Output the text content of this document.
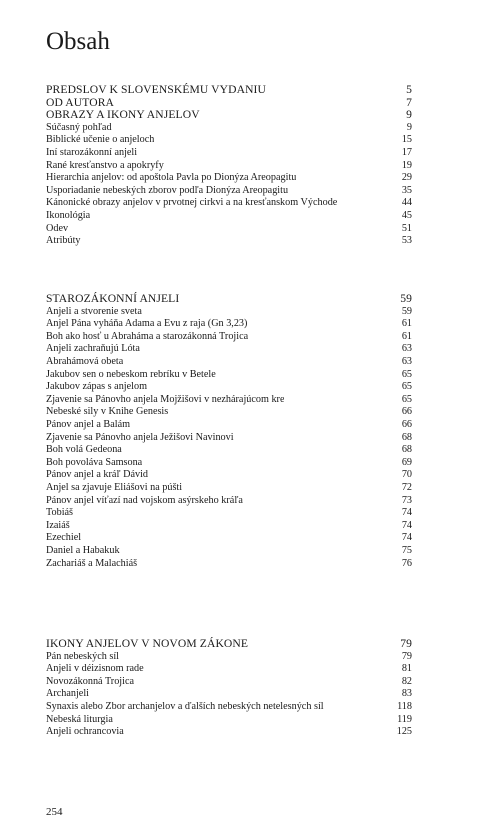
Obsah
PREDSLOV K SLOVENSKÉMU VYDANIU	5
OD AUTORA	7
OBRAZY A IKONY ANJELOV	9
Súčasný pohľad	9
Biblické učenie o anjeloch	15
Iní starozákonní anjeli	17
Rané kresťanstvo a apokryfy	19
Hierarchia anjelov: od apoštola Pavla po Dionýza Areopagitu	29
Usporiadanie nebeských zborov podľa Dionýza Areopagitu	35
Kánonické obrazy anjelov v prvotnej cirkvi a na kresťanskom Východe	44
Ikonológia	45
Odev	51
Atribúty	53
STAROZÁKONNÍ ANJELI	59
Anjeli a stvorenie sveta	59
Anjel Pána vyháňa Adama a Evu z raja (Gn 3,23)	61
Boh ako hosť u Abraháma a starozákonná Trojica	61
Anjeli zachraňujú Lóta	63
Abrahámová obeta	63
Jakubov sen o nebeskom rebríku v Betele	65
Jakubov zápas s anjelom	65
Zjavenie sa Pánovho anjela Mojžišovi v nezhárajúcom kre	65
Nebeské sily v Knihe Genesis	66
Pánov anjel a Balám	66
Zjavenie sa Pánovho anjela Ježišovi Navinovi	68
Boh volá Gedeona	68
Boh povoláva Samsona	69
Pánov anjel a kráľ Dávid	70
Anjel sa zjavuje Eliášovi na púšti	72
Pánov anjel víťazí nad vojskom asýrskeho kráľa	73
Tobiáš	74
Izaiáš	74
Ezechiel	74
Daniel a Habakuk	75
Zachariáš a Malachiáš	76
IKONY ANJELOV V NOVOM ZÁKONE	79
Pán nebeských síl	79
Anjeli v déizisnom rade	81
Novozákonná Trojica	82
Archanjeli	83
Synaxis alebo Zbor archanjelov a ďalších nebeských netelesných síl	118
Nebeská liturgia	119
Anjeli ochrancovia	125
254
